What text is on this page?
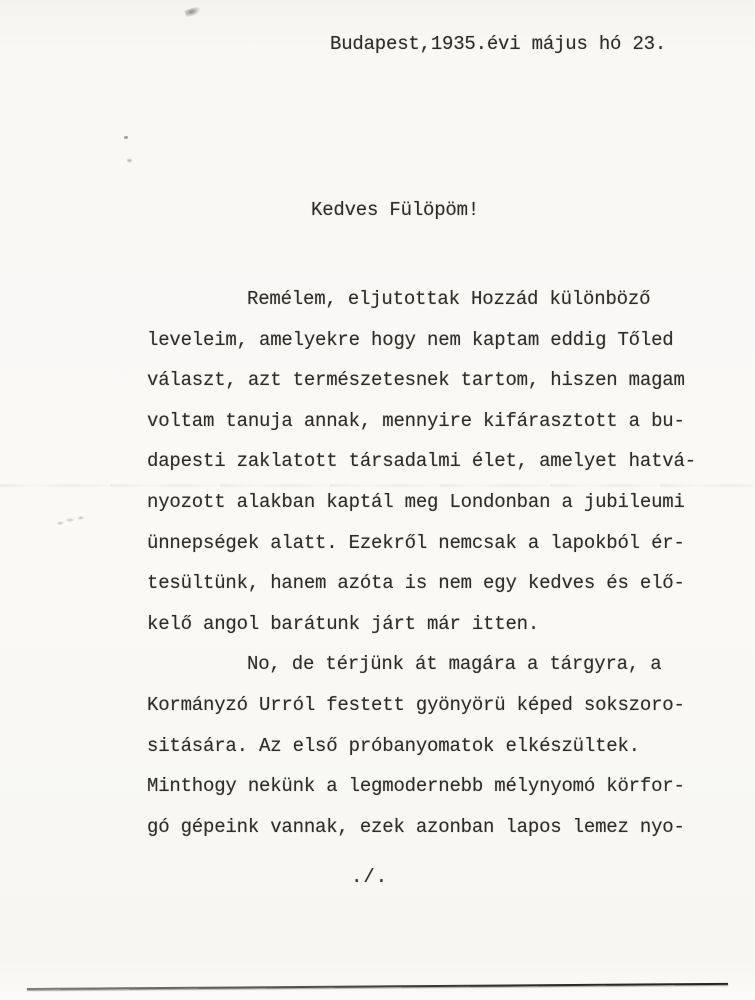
Budapest,1935.évi május hó 23.
Kedves Fülöpöm!
Remélem, eljutottak Hozzád különböző
leveleim, amelyekre hogy nem kaptam eddig Tőled
választ, azt természetesnek tartom, hiszen magam
voltam tanuja annak, mennyire kifárasztott a bu-
dapesti zaklatott társadalmi élet, amelyet hatvá-
nyozott alakban kaptál meg Londonban a jubileumi
ünnepségek alatt. Ezekről nemcsak a lapokból ér-
tesültünk, hanem azóta is nem egy kedves és elő-
kelő angol barátunk járt már itten.
No, de térjünk át magára a tárgyra, a
Kormányzó Urról festett gyönyörü képed sokszoro-
sitására. Az első próbanyomatok elkészültek.
Minthogy nekünk a legmodernebb mélynyomó körfor-
gó gépeink vannak, ezek azonban lapos lemez nyo-
./.
